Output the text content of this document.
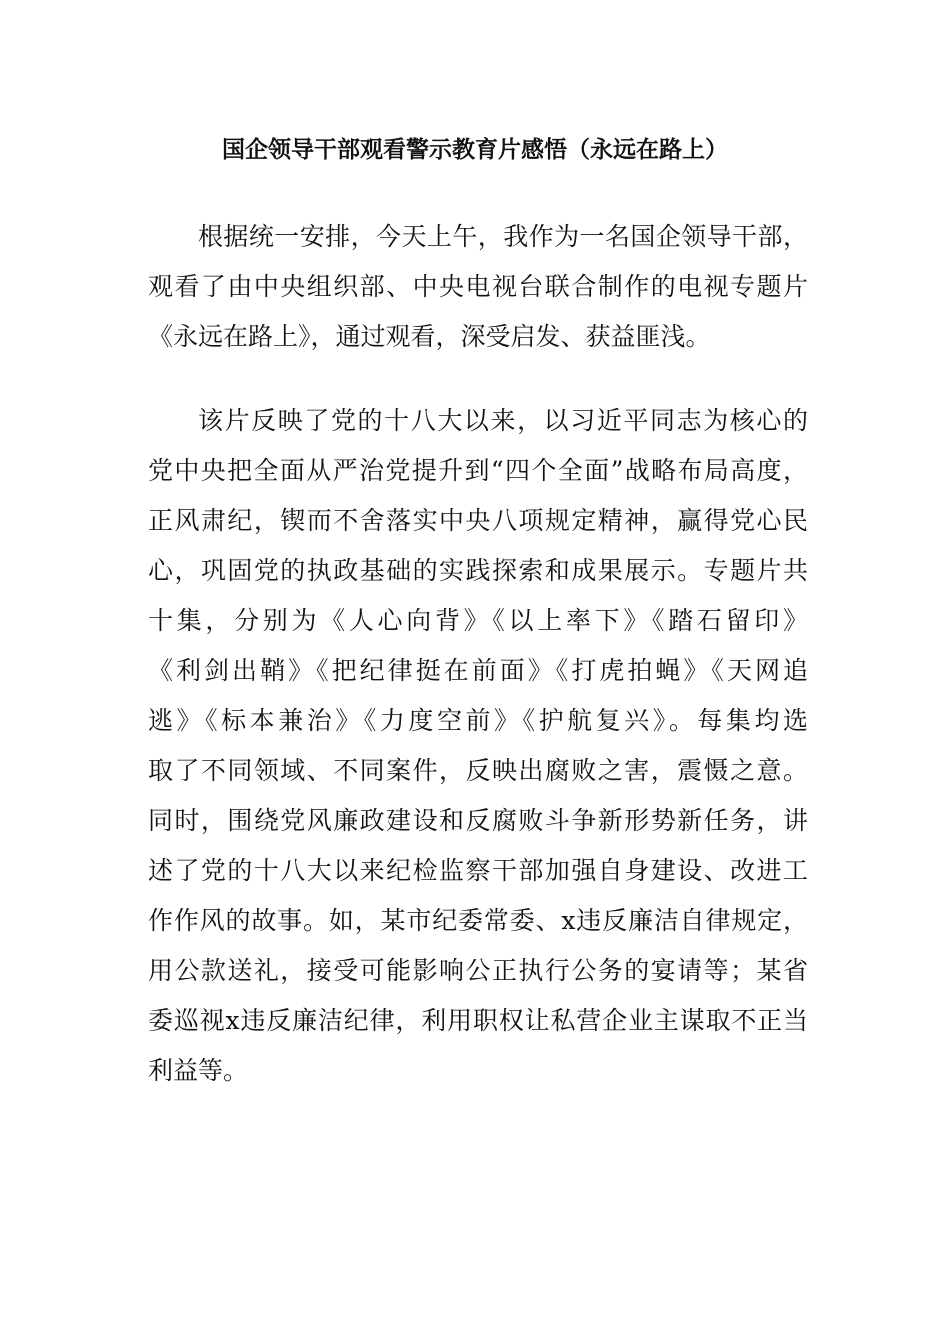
国企领导干部观看警示教育片感悟（永远在路上）
根据统一安排，今天上午，我作为一名国企领导干部，
观看了由中央组织部、中央电视台联合制作的电视专题片
《永远在路上》，通过观看，深受启发、获益匪浅。
该片反映了党的十八大以来，以习近平同志为核心的
党中央把全面从严治党提升到“四个全面”战略布局高度，
正风肃纪，锲而不舍落实中央八项规定精神，赢得党心民
心，巩固党的执政基础的实践探索和成果展示。专题片共
十集，分别为《人心向背》《以上率下》《踏石留印》
《利剑出鞘》《把纪律挺在前面》《打虎拍蝇》《天网追
逃》《标本兼治》《力度空前》《护航复兴》。每集均选
取了不同领域、不同案件，反映出腐败之害，震慑之意。
同时，围绕党风廉政建设和反腐败斗争新形势新任务，讲
述了党的十八大以来纪检监察干部加强自身建设、改进工
作作风的故事。如，某市纪委常委、x违反廉洁自律规定，
用公款送礼，接受可能影响公正执行公务的宴请等；某省
委巡视x违反廉洁纪律，利用职权让私营企业主谋取不正当
利益等。
